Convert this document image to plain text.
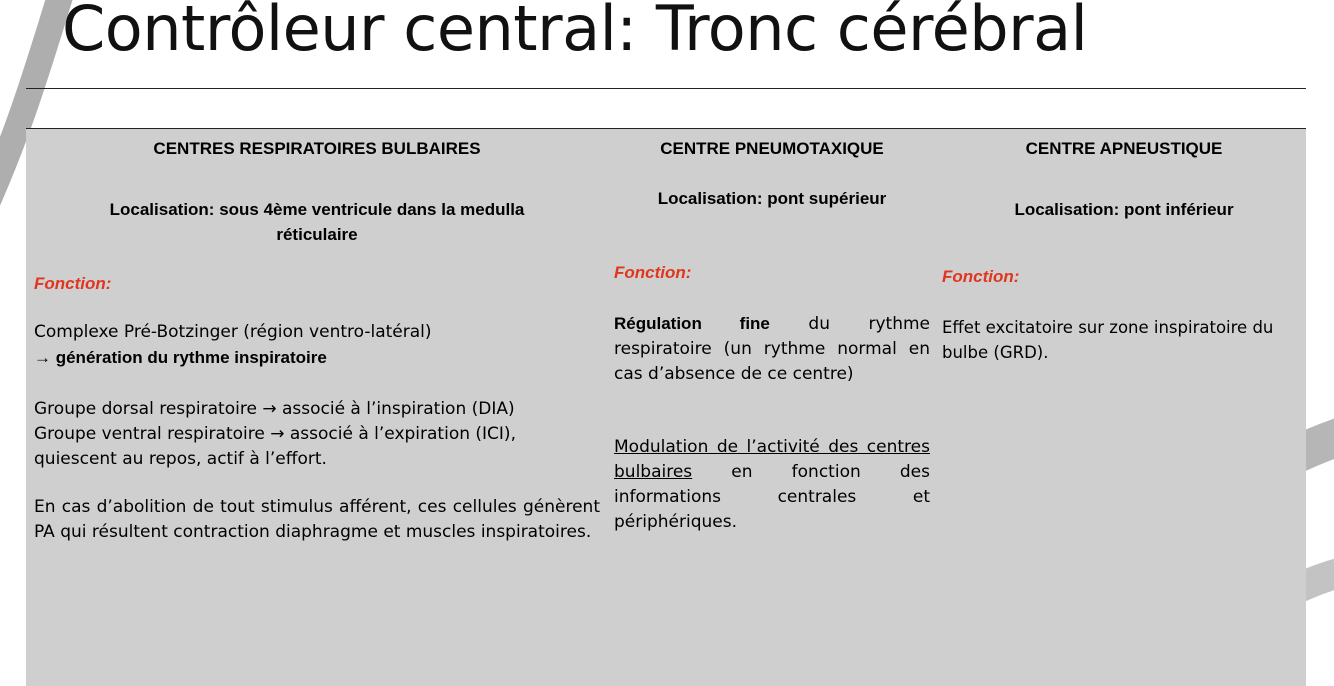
Contrôleur central: Tronc cérébral
CENTRES RESPIRATOIRES BULBAIRES
Localisation: sous 4ème ventricule dans la medulla
réticulaire
Fonction:
Complexe Pré-Botzinger (région ventro-latéral)
→ génération du rythme inspiratoire
Groupe dorsal respiratoire → associé à l’inspiration (DIA)
Groupe ventral respiratoire → associé à l’expiration (ICI),
quiescent au repos, actif à l’effort.

En cas d’abolition de tout stimulus afférent, ces cellules génèrent PA qui résultent contraction diaphragme et muscles inspiratoires.

CENTRE PNEUMOTAXIQUE
Localisation: pont supérieur
Fonction:

Régulation fine du rythme respiratoire (un rythme normal en cas d’absence de ce centre)

Modulation de l’activité des centres bulbaires en fonction des informations centrales et périphériques.

CENTRE APNEUSTIQUE
Localisation: pont inférieur
Fonction:

Effet excitatoire sur zone inspiratoire du bulbe (GRD).
